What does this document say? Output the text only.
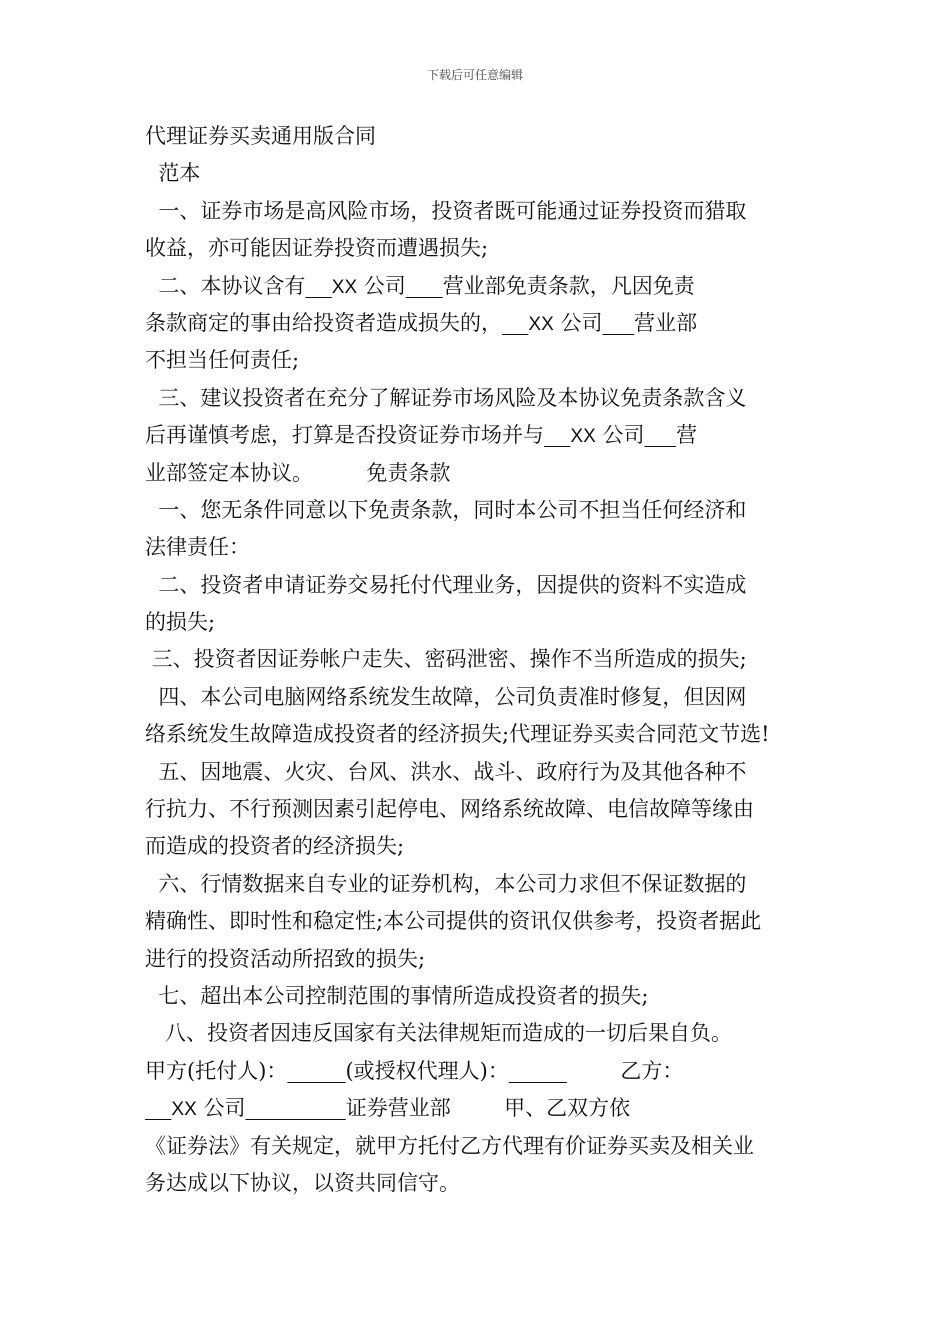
下载后可任意编辑
代理证券买卖通用版合同
范本
一、证券市场是高风险市场，投资者既可能通过证券投资而猎取
收益，亦可能因证券投资而遭遇损失;
二、本协议含有 XX 公司 营业部免责条款，凡因免责
条款商定的事由给投资者造成损失的， XX 公司 营业部
不担当任何责任;
三、建议投资者在充分了解证券市场风险及本协议免责条款含义
后再谨慎考虑，打算是否投资证券市场并与 XX 公司 营
业部签定本协议。	免责条款
一、您无条件同意以下免责条款，同时本公司不担当任何经济和
法律责任：
二、投资者申请证券交易托付代理业务，因提供的资料不实造成
的损失;
三、投资者因证券帐户走失、密码泄密、操作不当所造成的损失;
四、本公司电脑网络系统发生故障，公司负责准时修复，但因网
络系统发生故障造成投资者的经济损失;代理证券买卖合同范文节选!
五、因地震、火灾、台风、洪水、战斗、政府行为及其他各种不
行抗力、不行预测因素引起停电、网络系统故障、电信故障等缘由
而造成的投资者的经济损失;
六、行情数据来自专业的证券机构，本公司力求但不保证数据的
精确性、即时性和稳定性;本公司提供的资讯仅供参考，投资者据此
进行的投资活动所招致的损失;
七、超出本公司控制范围的事情所造成投资者的损失;
八、投资者因违反国家有关法律规矩而造成的一切后果自负。
甲方(托付人)：	(或授权代理人)：	乙方：
XX 公司	证券营业部	甲、乙双方依
《证券法》有关规定，就甲方托付乙方代理有价证券买卖及相关业
务达成以下协议，以资共同信守。
